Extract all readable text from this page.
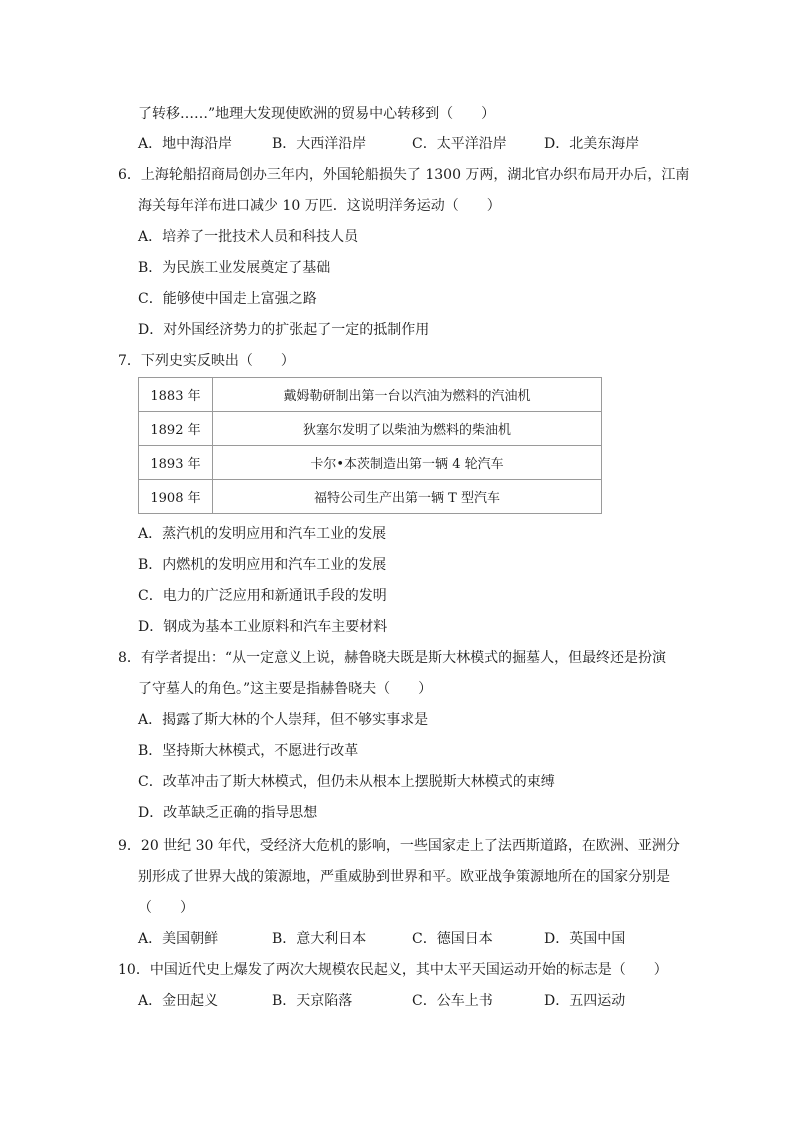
了转移……”地理大发现使欧洲的贸易中心转移到（　　）
A．地中海沿岸	B．大西洋沿岸	C．太平洋沿岸	D．北美东海岸
6．上海轮船招商局创办三年内，外国轮船损失了 1300 万两，湖北官办织布局开办后，江南
海关每年洋布进口减少 10 万匹．这说明洋务运动（　　）
A．培养了一批技术人员和科技人员
B．为民族工业发展奠定了基础
C．能够使中国走上富强之路
D．对外国经济势力的扩张起了一定的抵制作用
7．下列史实反映出（　　）
1883 年	戴姆勒研制出第一台以汽油为燃料的汽油机
1892 年	狄塞尔发明了以柴油为燃料的柴油机
1893 年	卡尔•本茨制造出第一辆 4 轮汽车
1908 年	福特公司生产出第一辆 T 型汽车
A．蒸汽机的发明应用和汽车工业的发展
B．内燃机的发明应用和汽车工业的发展
C．电力的广泛应用和新通讯手段的发明
D．钢成为基本工业原料和汽车主要材料
8．有学者提出：“从一定意义上说，赫鲁晓夫既是斯大林模式的掘墓人，但最终还是扮演
了守墓人的角色。”这主要是指赫鲁晓夫（　　）
A．揭露了斯大林的个人崇拜，但不够实事求是
B．坚持斯大林模式，不愿进行改革
C．改革冲击了斯大林模式，但仍未从根本上摆脱斯大林模式的束缚
D．改革缺乏正确的指导思想
9．20 世纪 30 年代，受经济大危机的影响，一些国家走上了法西斯道路，在欧洲、亚洲分
别形成了世界大战的策源地，严重威胁到世界和平。欧亚战争策源地所在的国家分别是
（　　）
A．美国朝鲜	B．意大利日本	C．德国日本	D．英国中国
10．中国近代史上爆发了两次大规模农民起义，其中太平天国运动开始的标志是（　　）
A．金田起义	B．天京陷落	C．公车上书	D．五四运动
